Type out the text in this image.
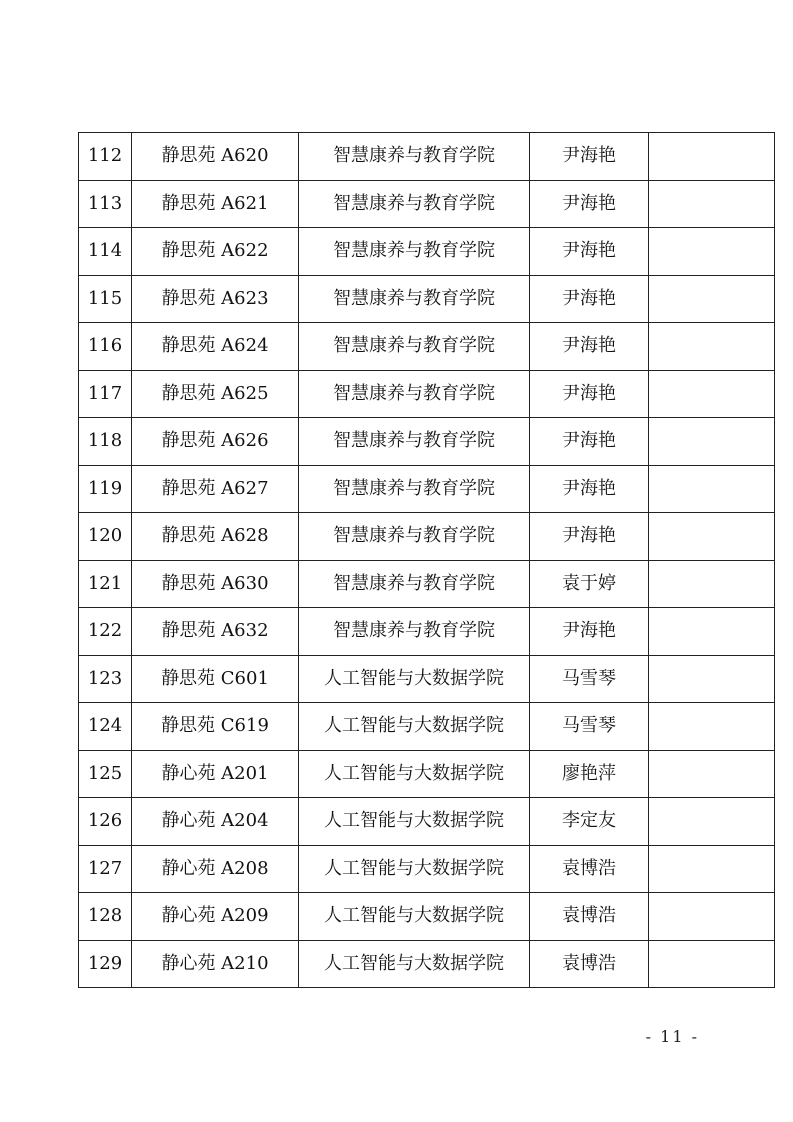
112	静思苑 A620	智慧康养与教育学院	尹海艳	
113	静思苑 A621	智慧康养与教育学院	尹海艳	
114	静思苑 A622	智慧康养与教育学院	尹海艳	
115	静思苑 A623	智慧康养与教育学院	尹海艳	
116	静思苑 A624	智慧康养与教育学院	尹海艳	
117	静思苑 A625	智慧康养与教育学院	尹海艳	
118	静思苑 A626	智慧康养与教育学院	尹海艳	
119	静思苑 A627	智慧康养与教育学院	尹海艳	
120	静思苑 A628	智慧康养与教育学院	尹海艳	
121	静思苑 A630	智慧康养与教育学院	袁于婷	
122	静思苑 A632	智慧康养与教育学院	尹海艳	
123	静思苑 C601	人工智能与大数据学院	马雪琴	
124	静思苑 C619	人工智能与大数据学院	马雪琴	
125	静心苑 A201	人工智能与大数据学院	廖艳萍	
126	静心苑 A204	人工智能与大数据学院	李定友	
127	静心苑 A208	人工智能与大数据学院	袁博浩	
128	静心苑 A209	人工智能与大数据学院	袁博浩	
129	静心苑 A210	人工智能与大数据学院	袁博浩	
- 11 -
